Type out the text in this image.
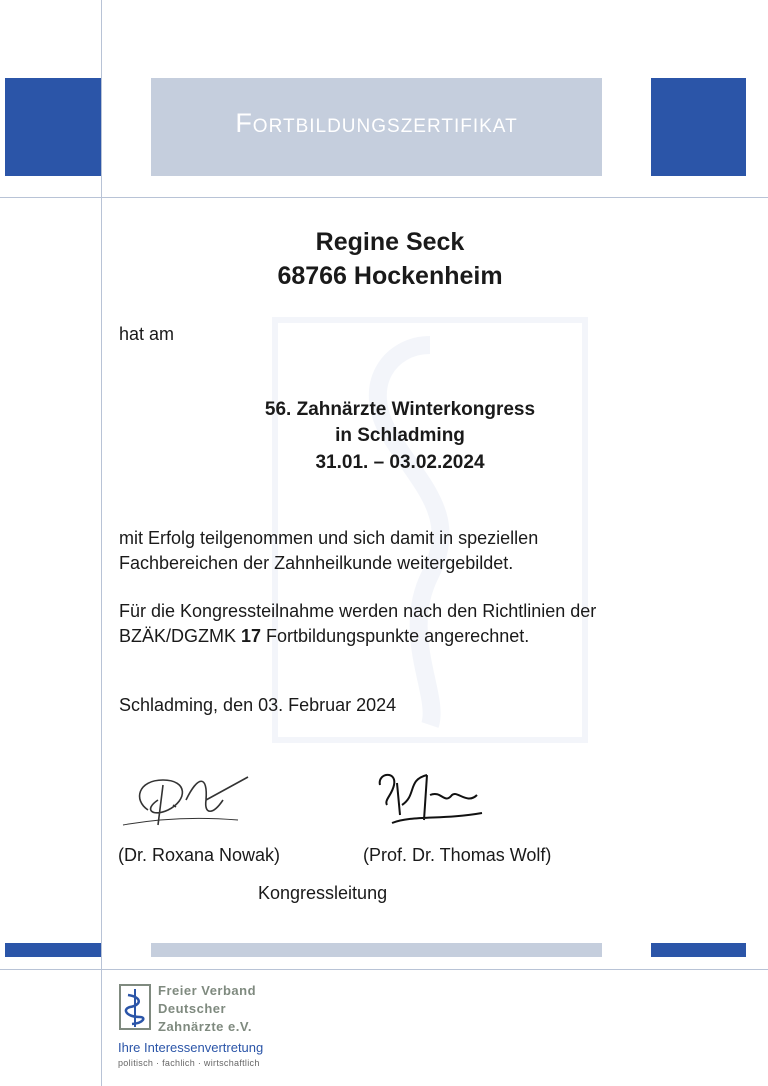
Fortbildungszertifikat
Regine Seck
68766 Hockenheim
hat am
56. Zahnärzte Winterkongress
in Schladming
31.01. – 03.02.2024
mit Erfolg teilgenommen und sich damit in speziellen
Fachbereichen der Zahnheilkunde weitergebildet.
Für die Kongressteilnahme werden nach den Richtlinien der
BZÄK/DGZMK 17 Fortbildungspunkte angerechnet.
Schladming, den 03. Februar 2024
(Dr. Roxana Nowak)	(Prof. Dr. Thomas Wolf)
Kongressleitung
Freier Verband
Deutscher
Zahnärzte e.V.
Ihre Interessenvertretung
politisch · fachlich · wirtschaftlich
